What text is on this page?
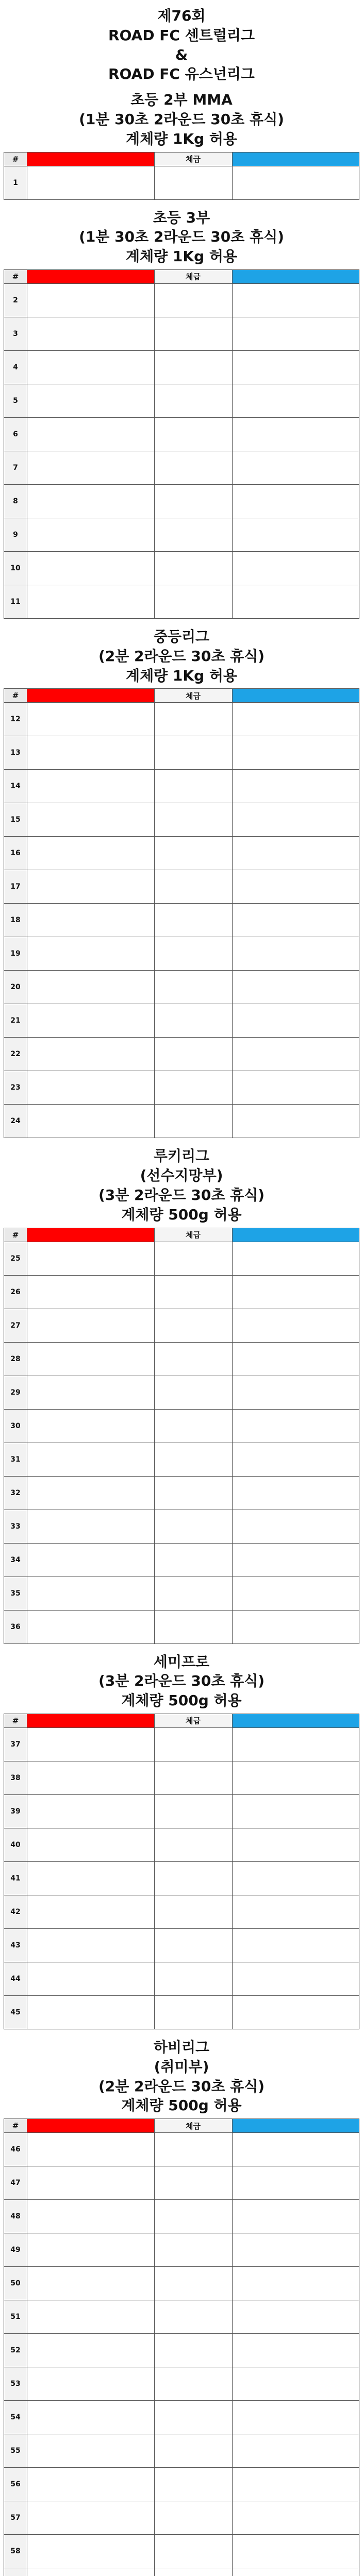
제76회
ROAD FC 센트럴리그
&
ROAD FC 유스넌리그
초등 2부 MMA
(1분 30초 2라운드 30초 휴식)
계체량 1Kg 허용
#		체급	
1			
초등 3부
(1분 30초 2라운드 30초 휴식)
계체량 1Kg 허용
#		체급	
2			
3			
4			
5			
6			
7			
8			
9			
10			
11			
중등리그
(2분 2라운드 30초 휴식)
계체량 1Kg 허용
#		체급	
12			
13			
14			
15			
16			
17			
18			
19			
20			
21			
22			
23			
24			
루키리그
(선수지망부)
(3분 2라운드 30초 휴식)
계체량 500g 허용
#		체급	
25			
26			
27			
28			
29			
30			
31			
32			
33			
34			
35			
36			
세미프로
(3분 2라운드 30초 휴식)
계체량 500g 허용
#		체급	
37			
38			
39			
40			
41			
42			
43			
44			
45			
하비리그
(취미부)
(2분 2라운드 30초 휴식)
계체량 500g 허용
#		체급	
46			
47			
48			
49			
50			
51			
52			
53			
54			
55			
56			
57			
58			
